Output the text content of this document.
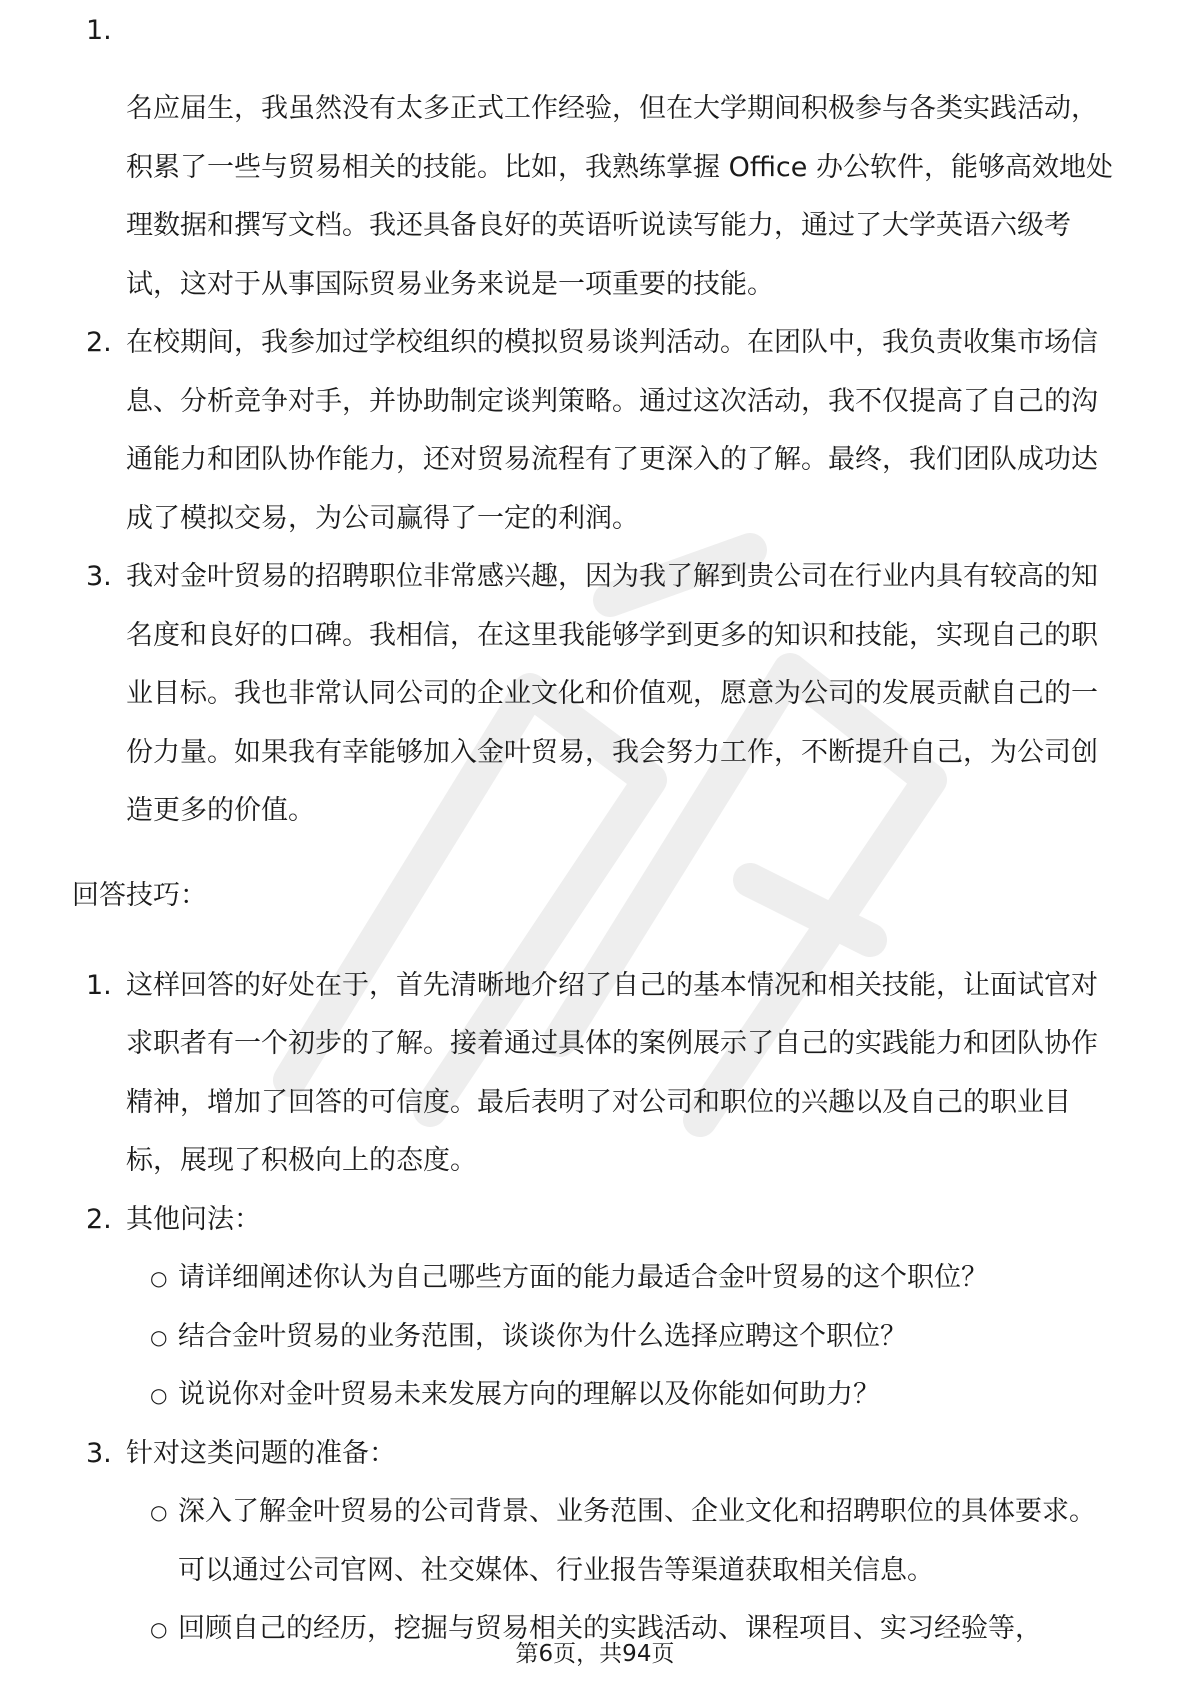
1.
名应届生，我虽然没有太多正式工作经验，但在大学期间积极参与各类实践活动，积累了一些与贸易相关的技能。比如，我熟练掌握 Office 办公软件，能够高效地处理数据和撰写文档。我还具备良好的英语听说读写能力，通过了大学英语六级考试，这对于从事国际贸易业务来说是一项重要的技能。
2. 在校期间，我参加过学校组织的模拟贸易谈判活动。在团队中，我负责收集市场信息、分析竞争对手，并协助制定谈判策略。通过这次活动，我不仅提高了自己的沟通能力和团队协作能力，还对贸易流程有了更深入的了解。最终，我们团队成功达成了模拟交易，为公司赢得了一定的利润。
3. 我对金叶贸易的招聘职位非常感兴趣，因为我了解到贵公司在行业内具有较高的知名度和良好的口碑。我相信，在这里我能够学到更多的知识和技能，实现自己的职业目标。我也非常认同公司的企业文化和价值观，愿意为公司的发展贡献自己的一份力量。如果我有幸能够加入金叶贸易，我会努力工作，不断提升自己，为公司创造更多的价值。
回答技巧：
1. 这样回答的好处在于，首先清晰地介绍了自己的基本情况和相关技能，让面试官对求职者有一个初步的了解。接着通过具体的案例展示了自己的实践能力和团队协作精神，增加了回答的可信度。最后表明了对公司和职位的兴趣以及自己的职业目标，展现了积极向上的态度。
2. 其他问法：
○ 请详细阐述你认为自己哪些方面的能力最适合金叶贸易的这个职位？
○ 结合金叶贸易的业务范围，谈谈你为什么选择应聘这个职位？
○ 说说你对金叶贸易未来发展方向的理解以及你能如何助力？
3. 针对这类问题的准备：
○ 深入了解金叶贸易的公司背景、业务范围、企业文化和招聘职位的具体要求。可以通过公司官网、社交媒体、行业报告等渠道获取相关信息。
○ 回顾自己的经历，挖掘与贸易相关的实践活动、课程项目、实习经验等，
第6页，共94页
